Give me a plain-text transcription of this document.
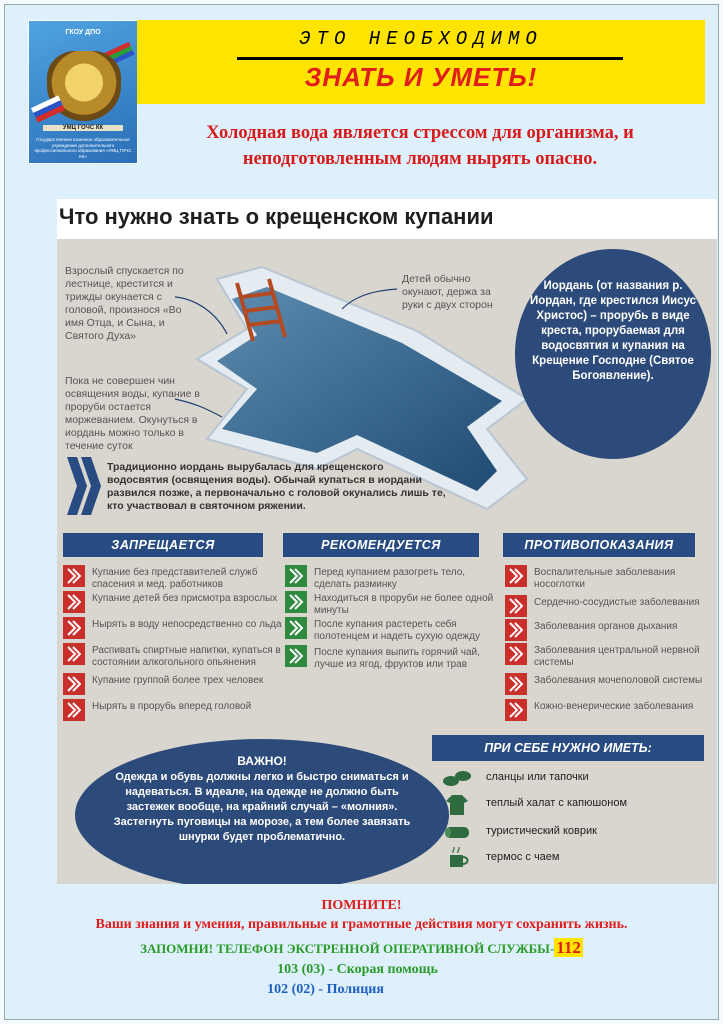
ГКОУ ДПО
УМЦ ГОЧС КК
Государственное казенное образовательное учреждение дополнительного профессионального образования «УМЦ ГОЧС КК»
ЭТО НЕОБХОДИМО
ЗНАТЬ И УМЕТЬ!
Холодная вода является стрессом для организма, и неподготовленным людям нырять опасно.
Что нужно знать о крещенском купании
Взрослый спускается по лестнице, крестится и трижды окунается с головой, произнося «Во имя Отца, и Сына, и Святого Духа»
Детей обычно окунают, держа за руки с двух сторон
Пока не совершен чин освящения воды, купание в проруби остается моржеванием. Окунуться в иордань можно только в течение суток
Иордань (от названия р. Иордан, где крестился Иисус Христос) – прорубь в виде креста, прорубаемая для водосвятия и купания на Крещение Господне (Святое Богоявление).
Традиционно иордань вырубалась для крещенского водосвятия (освящения воды). Обычай купаться в иордани развился позже, а первоначально с головой окунались лишь те, кто участвовал в святочном ряжении.
ЗАПРЕЩАЕТСЯ	РЕКОМЕНДУЕТСЯ	ПРОТИВОПОКАЗАНИЯ
Купание без представителей служб спасения и мед. работников
Купание детей без присмотра взрослых
Нырять в воду непосредственно со льда
Распивать спиртные напитки, купаться в состоянии алкогольного опьянения
Купание группой более трех человек
Нырять в прорубь вперед головой
Перед купанием разогреть тело, сделать разминку
Находиться в проруби не более одной минуты
После купания растереть себя полотенцем и надеть сухую одежду
После купания выпить горячий чай, лучше из ягод, фруктов или трав
Воспалительные заболевания носоглотки
Сердечно-сосудистые заболевания
Заболевания органов дыхания
Заболевания центральной нервной системы
Заболевания мочеполовой системы
Кожно-венерические заболевания
ВАЖНО!
Одежда и обувь должны легко и быстро сниматься и надеваться. В идеале, на одежде не должно быть застежек вообще, на крайний случай – «молния». Застегнуть пуговицы на морозе, а тем более завязать шнурки будет проблематично.
ПРИ СЕБЕ НУЖНО ИМЕТЬ:
сланцы или тапочки
теплый халат с капюшоном
туристический коврик
термос с чаем
ПОМНИТЕ!
Ваши знания и умения, правильные и грамотные действия могут сохранить жизнь.
ЗАПОМНИ! ТЕЛЕФОН ЭКСТРЕННОЙ ОПЕРАТИВНОЙ СЛУЖБЫ- 112
103 (03) - Скорая помощь
102 (02) - Полиция
